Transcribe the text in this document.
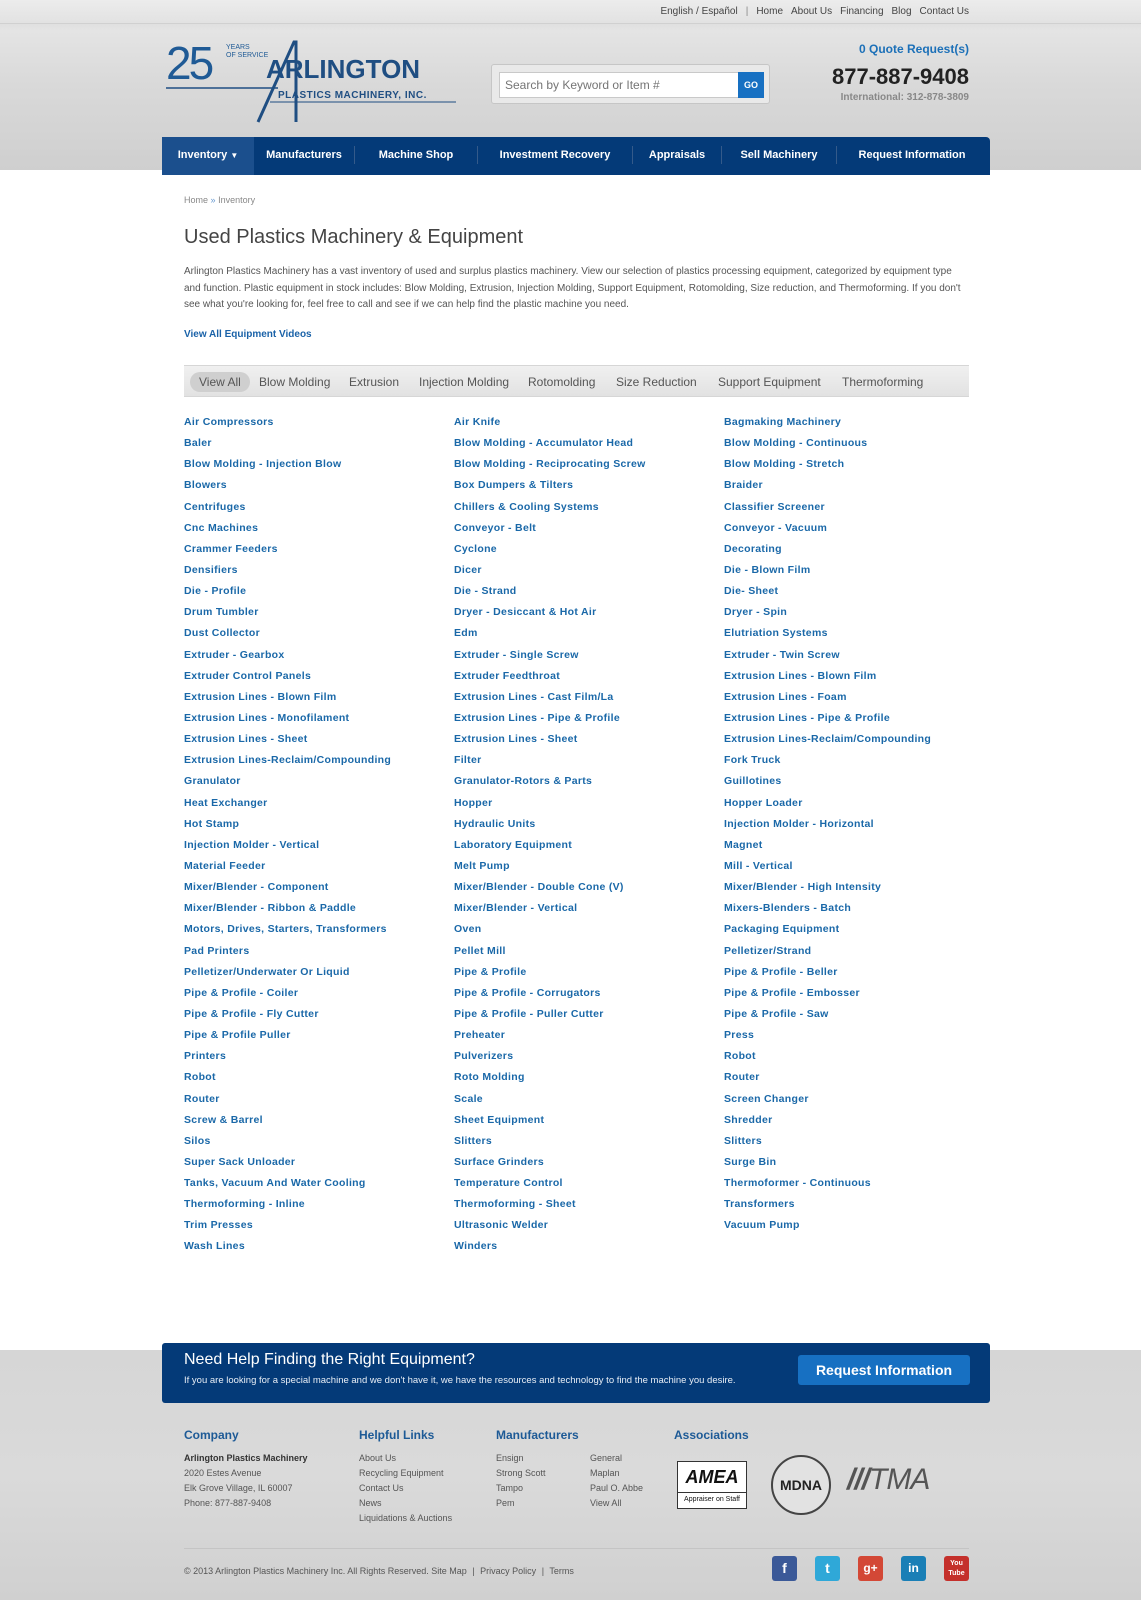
English / Español | Home About Us Financing Blog Contact Us
25 YEARS
OF SERVICE
ARLINGTON
PLASTICS MACHINERY, INC.
Search by Keyword or Item #
GO
0 Quote Request(s)
877-887-9408
International: 312-878-3809
Inventory ▼	Manufacturers	Machine Shop	Investment Recovery	Appraisals	Sell Machinery	Request Information
Home » Inventory
Used Plastics Machinery & Equipment

Arlington Plastics Machinery has a vast inventory of used and surplus plastics machinery. View our selection of plastics processing equipment, categorized by equipment type and function. Plastic equipment in stock includes: Blow Molding, Extrusion, Injection Molding, Support Equipment, Rotomolding, Size reduction, and Thermoforming. If you don't see what you're looking for, feel free to call and see if we can help find the plastic machine you need.

View All Equipment Videos
View All	Blow Molding Extrusion Injection Molding Rotomolding Size Reduction Support Equipment Thermoforming
Air Compressors
Baler
Blow Molding - Injection Blow
Blowers
Centrifuges
Cnc Machines
Crammer Feeders
Densifiers
Die - Profile
Drum Tumbler
Dust Collector
Extruder - Gearbox
Extruder Control Panels
Extrusion Lines - Blown Film
Extrusion Lines - Monofilament
Extrusion Lines - Sheet
Extrusion Lines-Reclaim/Compounding
Granulator
Heat Exchanger
Hot Stamp
Injection Molder - Vertical
Material Feeder
Mixer/Blender - Component
Mixer/Blender - Ribbon & Paddle
Motors, Drives, Starters, Transformers
Pad Printers
Pelletizer/Underwater Or Liquid
Pipe & Profile - Coiler
Pipe & Profile - Fly Cutter
Pipe & Profile Puller
Printers
Robot
Router
Screw & Barrel
Silos
Super Sack Unloader
Tanks, Vacuum And Water Cooling
Thermoforming - Inline
Trim Presses
Wash Lines
Air Knife
Blow Molding - Accumulator Head
Blow Molding - Reciprocating Screw
Box Dumpers & Tilters
Chillers & Cooling Systems
Conveyor - Belt
Cyclone
Dicer
Die - Strand
Dryer - Desiccant & Hot Air
Edm
Extruder - Single Screw
Extruder Feedthroat
Extrusion Lines - Cast Film/La
Extrusion Lines - Pipe & Profile
Extrusion Lines - Sheet
Filter
Granulator-Rotors & Parts
Hopper
Hydraulic Units
Laboratory Equipment
Melt Pump
Mixer/Blender - Double Cone (V)
Mixer/Blender - Vertical
Oven
Pellet Mill
Pipe & Profile
Pipe & Profile - Corrugators
Pipe & Profile - Puller Cutter
Preheater
Pulverizers
Roto Molding
Scale
Sheet Equipment
Slitters
Surface Grinders
Temperature Control
Thermoforming - Sheet
Ultrasonic Welder
Winders
Bagmaking Machinery
Blow Molding - Continuous
Blow Molding - Stretch
Braider
Classifier Screener
Conveyor - Vacuum
Decorating
Die - Blown Film
Die- Sheet
Dryer - Spin
Elutriation Systems
Extruder - Twin Screw
Extrusion Lines - Blown Film
Extrusion Lines - Foam
Extrusion Lines - Pipe & Profile
Extrusion Lines-Reclaim/Compounding
Fork Truck
Guillotines
Hopper Loader
Injection Molder - Horizontal
Magnet
Mill - Vertical
Mixer/Blender - High Intensity
Mixers-Blenders - Batch
Packaging Equipment
Pelletizer/Strand
Pipe & Profile - Beller
Pipe & Profile - Embosser
Pipe & Profile - Saw
Press
Robot
Router
Screen Changer
Shredder
Slitters
Surge Bin
Thermoformer - Continuous
Transformers
Vacuum Pump
Need Help Finding the Right Equipment?
If you are looking for a special machine and we don't have it, we have the resources and technology to find the machine you desire.
Request Information
Company
Arlington Plastics Machinery
2020 Estes Avenue
Elk Grove Village, IL 60007
Phone: 877-887-9408
Helpful Links
About Us
Recycling Equipment
Contact Us
News
Liquidations & Auctions
Manufacturers
Ensign
Strong Scott
Tampo
Pem
General
Maplan
Paul O. Abbe
View All
Associations
AMEA
Appraiser on Staff
MDNA ///TMA
© 2013 Arlington Plastics Machinery Inc. All Rights Reserved. Site Map | Privacy Policy | Terms	f	t	g+	in	You Tube
